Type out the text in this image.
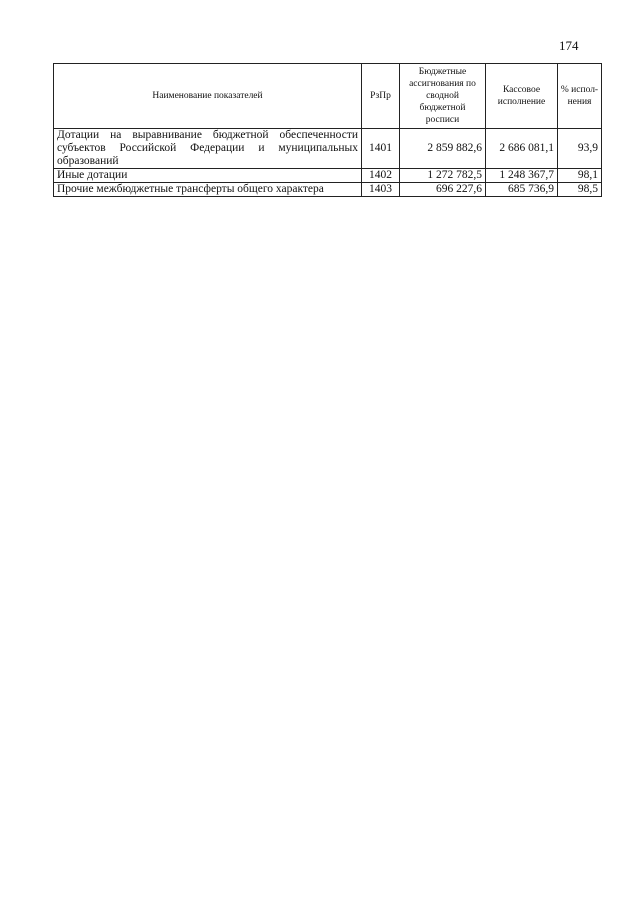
174
Наименование показателей	РзПр	Бюджетные ассигнования по сводной бюджетной росписи	Кассовое исполнение	% испол-нения
Дотации на выравнивание бюджетной обеспеченности субъектов Российской Федерации и муниципальных образований	1401	2 859 882,6	2 686 081,1	93,9
Иные дотации	1402	1 272 782,5	1 248 367,7	98,1
Прочие межбюджетные трансферты общего характера	1403	696 227,6	685 736,9	98,5
